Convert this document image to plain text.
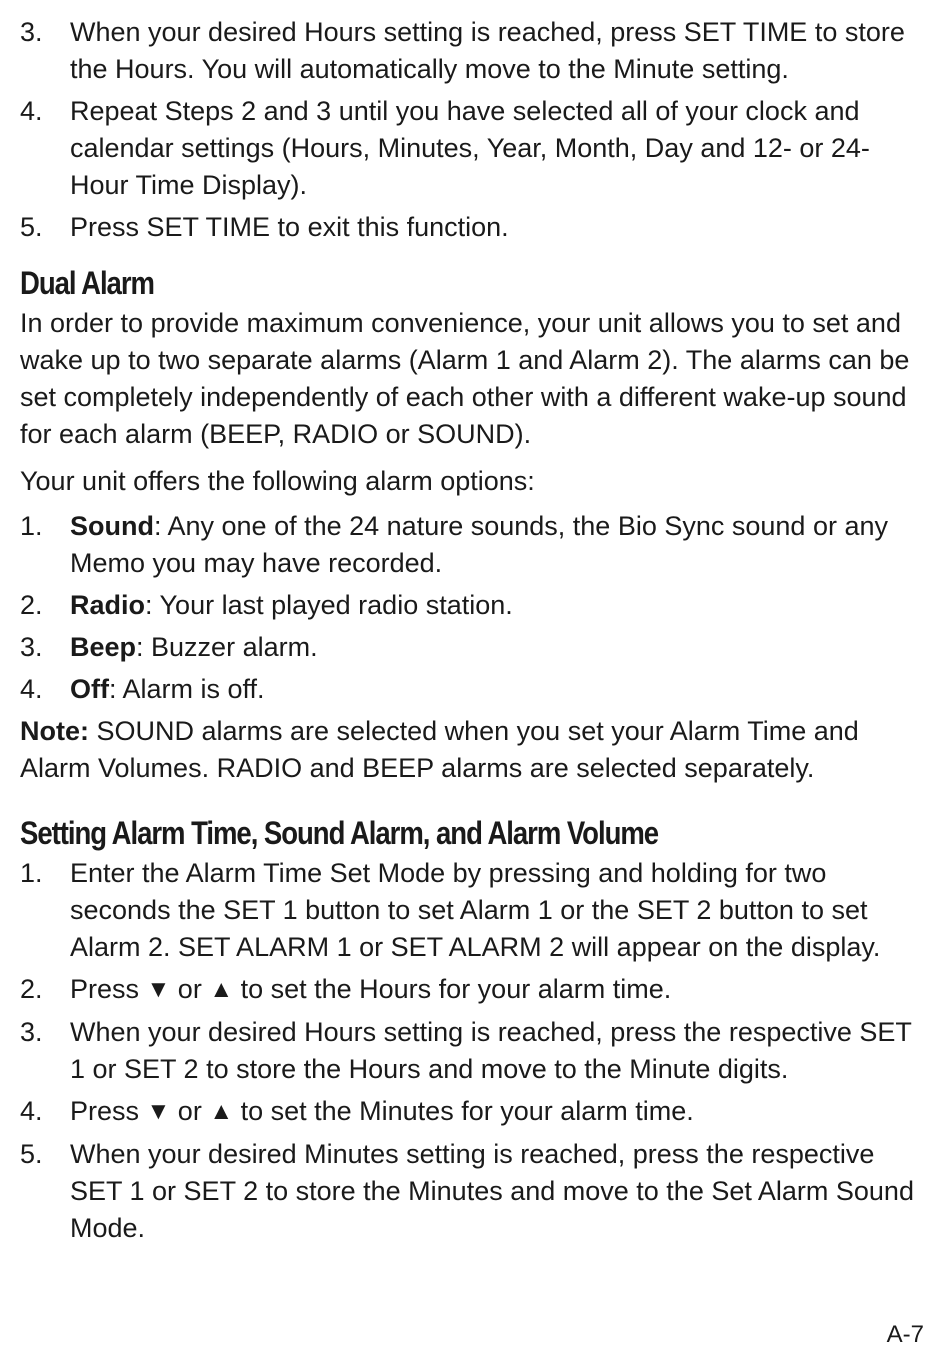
3.	When your desired Hours setting is reached, press SET TIME to store the Hours. You will automatically move to the Minute setting.
4.	Repeat Steps 2 and 3 until you have selected all of your clock and calendar settings (Hours, Minutes, Year, Month, Day and 12- or 24-Hour Time Display).
5.	Press SET TIME to exit this function.
Dual Alarm

In order to provide maximum convenience, your unit allows you to set and wake up to two separate alarms (Alarm 1 and Alarm 2). The alarms can be set completely independently of each other with a different wake-up sound for each alarm (BEEP, RADIO or SOUND).

Your unit offers the following alarm options:

1.	Sound: Any one of the 24 nature sounds, the Bio Sync sound or any Memo you may have recorded.
2.	Radio: Your last played radio station.
3.	Beep: Buzzer alarm.
4.	Off: Alarm is off.

Note: SOUND alarms are selected when you set your Alarm Time and Alarm Volumes. RADIO and BEEP alarms are selected separately.

Setting Alarm Time, Sound Alarm, and Alarm Volume
1.	Enter the Alarm Time Set Mode by pressing and holding for two seconds the SET 1 button to set Alarm 1 or the SET 2 button to set Alarm 2. SET ALARM 1 or SET ALARM 2 will appear on the display.
2.	Press ▼ or ▲ to set the Hours for your alarm time.
3.	When your desired Hours setting is reached, press the respective SET 1 or SET 2 to store the Hours and move to the Minute digits.
4.	Press ▼ or ▲ to set the Minutes for your alarm time.
5.	When your desired Minutes setting is reached, press the respective SET 1 or SET 2 to store the Minutes and move to the Set Alarm Sound Mode.
A-7
